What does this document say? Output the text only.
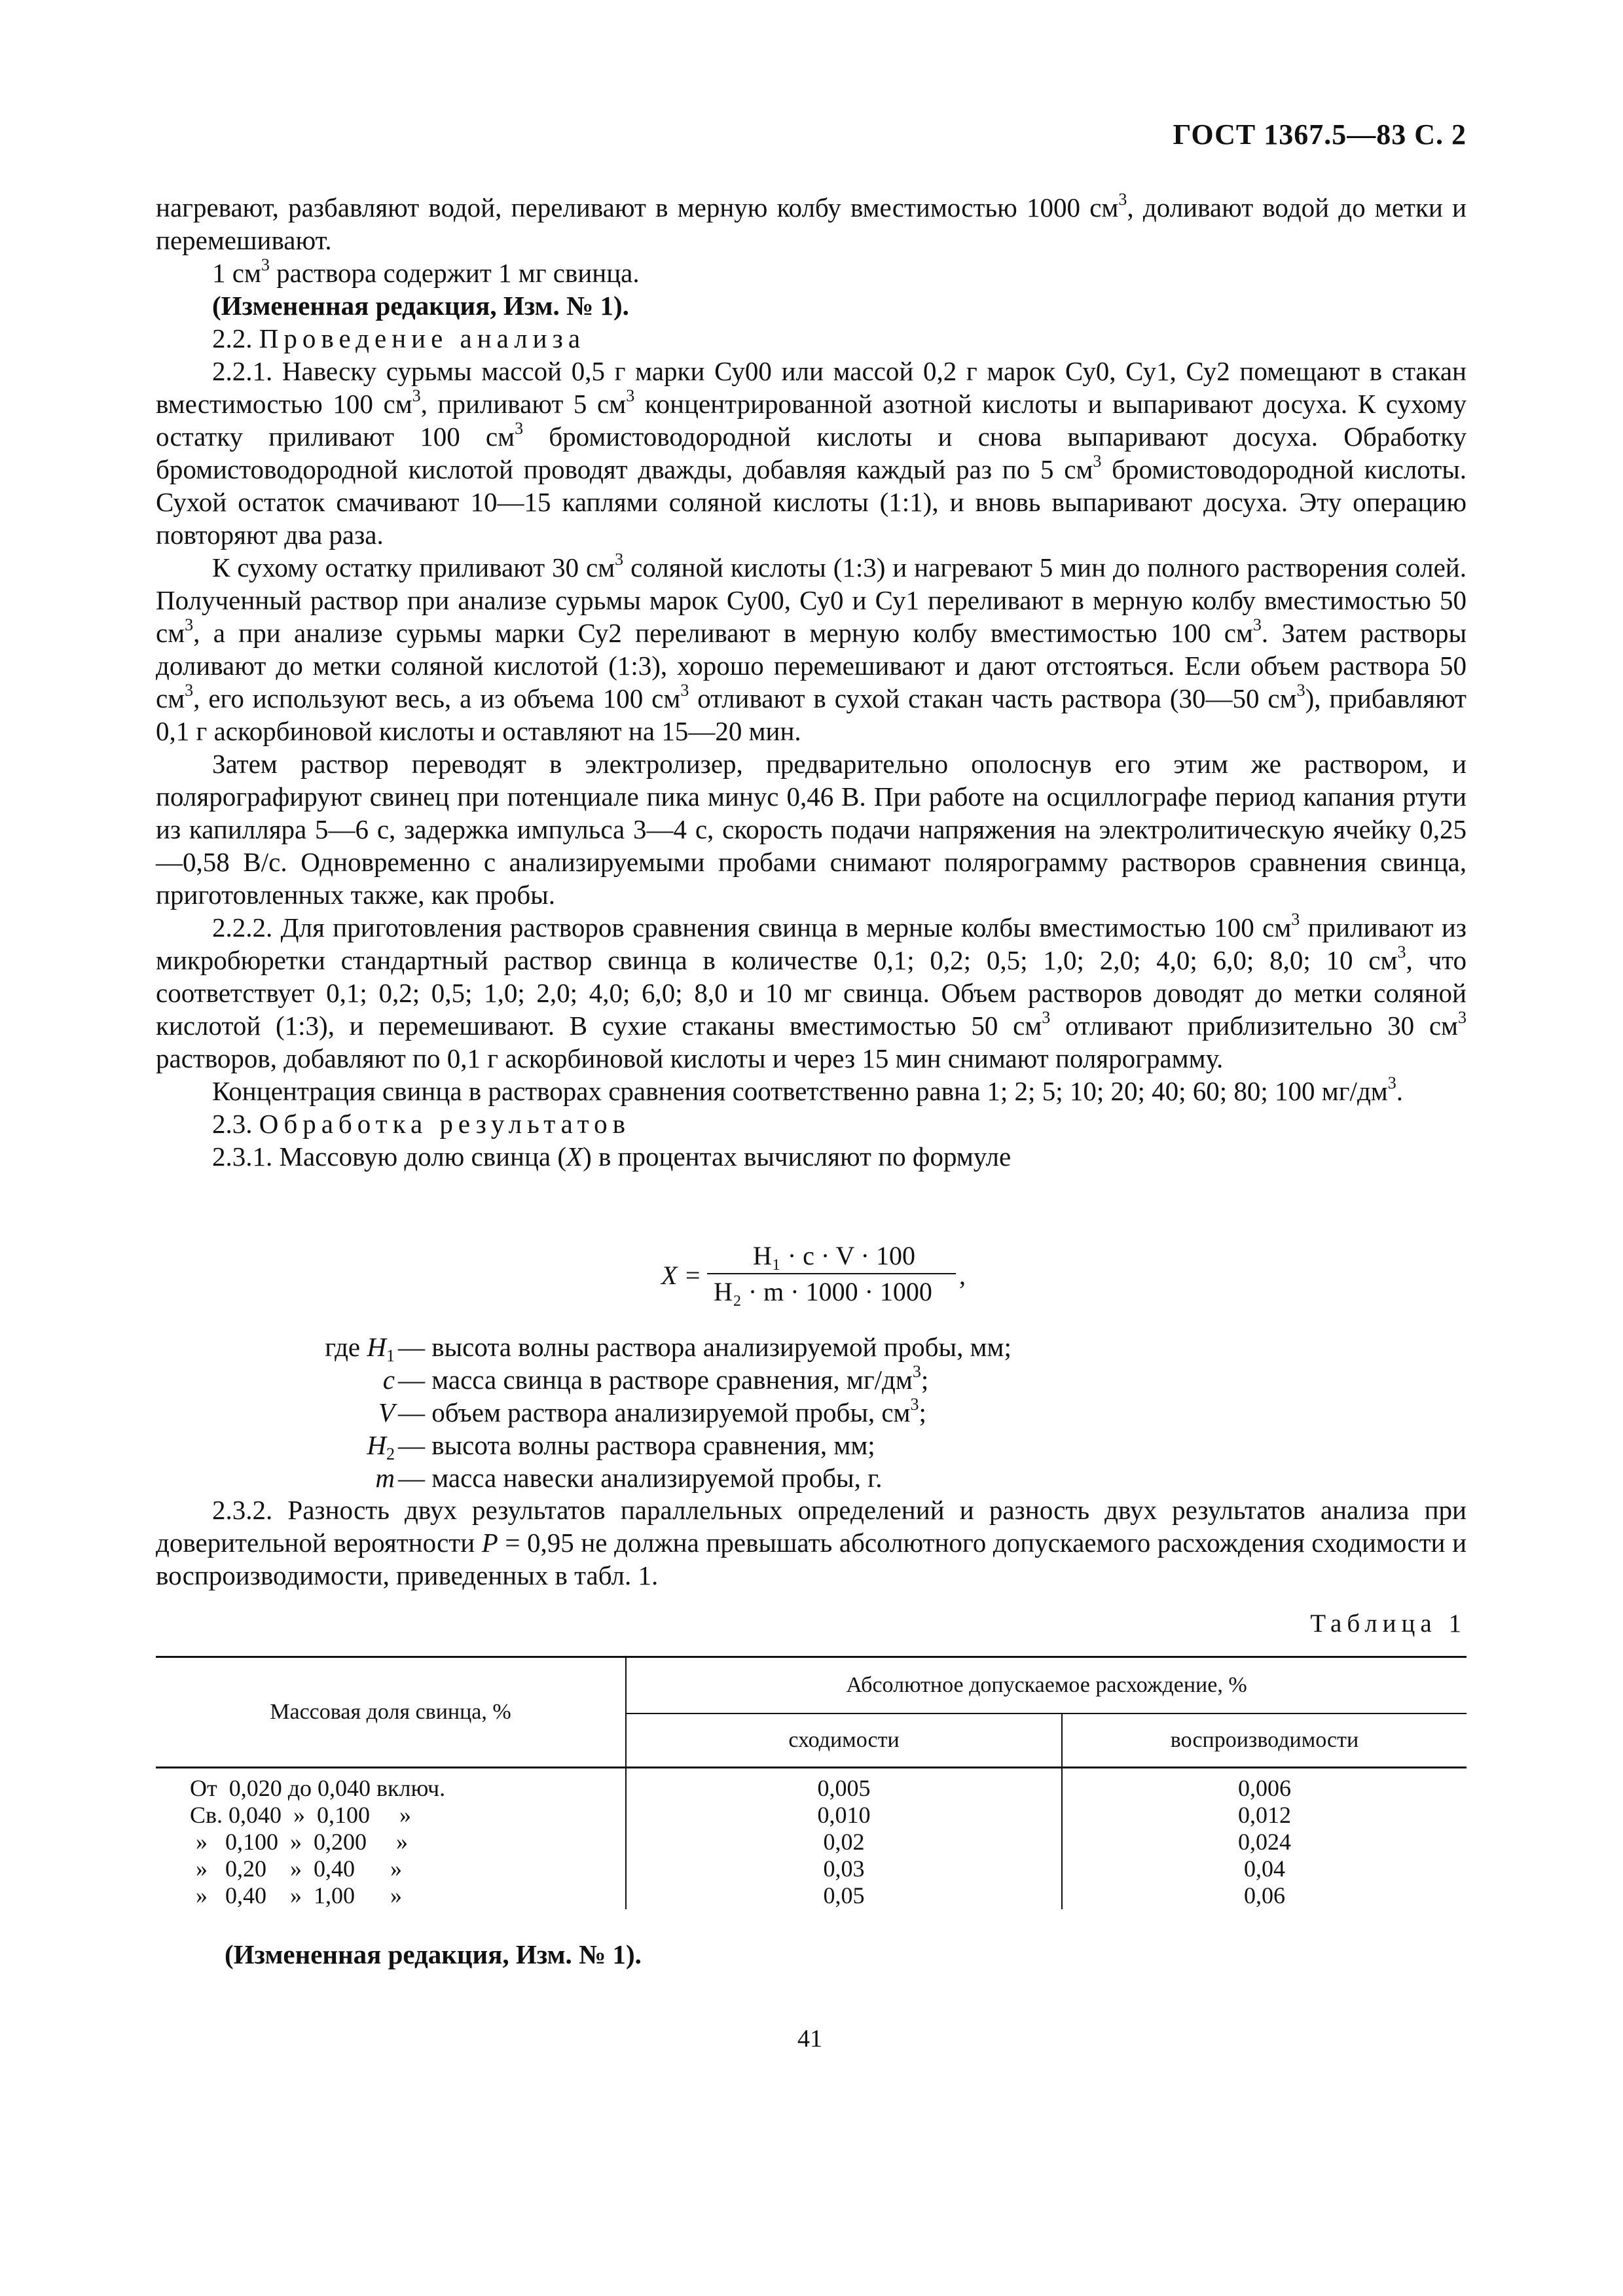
ГОСТ 1367.5—83 С. 2

нагревают, разбавляют водой, переливают в мерную колбу вместимостью 1000 $см^3$, доливают водой до метки и перемешивают.

1 $см^3$ раствора содержит 1 мг свинца.

(Измененная редакция, Изм. № 1).

2.2. Проведение анализа

2.2.1. Навеску сурьмы массой 0,5 г марки Су00 или массой 0,2 г марок Су0, Су1, Су2 помещают в стакан вместимостью 100 $см^3$, приливают 5 $см^3$ концентрированной азотной кислоты и выпаривают досуха. К сухому остатку приливают 100 $см^3$ бромистоводородной кислоты и снова выпаривают досуха. Обработку бромистоводородной кислотой проводят дважды, добавляя каждый раз по 5 $см^3$ бромистоводородной кислоты. Сухой остаток смачивают 10—15 каплями соляной кислоты (1:1), и вновь выпаривают досуха. Эту операцию повторяют два раза.

К сухому остатку приливают 30 $см^3$ соляной кислоты (1:3) и нагревают 5 мин до полного растворения солей. Полученный раствор при анализе сурьмы марок Су00, Су0 и Су1 переливают в мерную колбу вместимостью 50 $см^3$, а при анализе сурьмы марки Су2 переливают в мерную колбу вместимостью 100 $см^3$. Затем растворы доливают до метки соляной кислотой (1:3), хорошо перемешивают и дают отстояться. Если объем раствора 50 $см^3$, его используют весь, а из объема 100 $см^3$ отливают в сухой стакан часть раствора (30—50 $см^3$), прибавляют 0,1 г аскорбиновой кислоты и оставляют на 15—20 мин.

Затем раствор переводят в электролизер, предварительно ополоснув его этим же раствором, и полярографируют свинец при потенциале пика минус 0,46 В. При работе на осциллографе период капания ртути из капилляра 5—6 с, задержка импульса 3—4 с, скорость подачи напряжения на электролитическую ячейку 0,25—0,58 В/с. Одновременно с анализируемыми пробами снимают полярограмму растворов сравнения свинца, приготовленных также, как пробы.

2.2.2. Для приготовления растворов сравнения свинца в мерные колбы вместимостью 100 $см^3$ приливают из микробюретки стандартный раствор свинца в количестве 0,1; 0,2; 0,5; 1,0; 2,0; 4,0; 6,0; 8,0; 10 $см^3$, что соответствует 0,1; 0,2; 0,5; 1,0; 2,0; 4,0; 6,0; 8,0 и 10 мг свинца. Объем растворов доводят до метки соляной кислотой (1:3), и перемешивают. В сухие стаканы вместимостью 50 $см^3$ отливают приблизительно 30 $см^3$ растворов, добавляют по 0,1 г аскорбиновой кислоты и через 15 мин снимают полярограмму.

Концентрация свинца в растворах сравнения соответственно равна 1; 2; 5; 10; 20; 40; 60; 80; 100 $мг/дм^3$.

2.3. Обработка результатов

2.3.1. Массовую долю свинца (X) в процентах вычисляют по формуле

X =
H₁ · c · V · 100
H₂ · m · 1000 · 1000
,
где $H_1$ — высота волны раствора анализируемой пробы, мм;
c — масса свинца в растворе сравнения, $мг/дм^3$;
V — объем раствора анализируемой пробы, $см^3$;
$H_2$ — высота волны раствора сравнения, мм;
m — масса навески анализируемой пробы, г.

2.3.2. Разность двух результатов параллельных определений и разность двух результатов анализа при доверительной вероятности P = 0,95 не должна превышать абсолютного допускаемого расхождения сходимости и воспроизводимости, приведенных в табл. 1.

Таблица 1
Массовая доля свинца, %	Абсолютное допускаемое расхождение, %	
	сходимости	воспроизводимости
От  0,020 до 0,040 включ.	0,005	0,006
Св. 0,040  »  0,100     »	0,010	0,012
»   0,100  »  0,200     »	0,02	0,024
»   0,20    »  0,40      »	0,03	0,04
»   0,40    »  1,00      »	0,05	0,06
(Измененная редакция, Изм. № 1).
41
